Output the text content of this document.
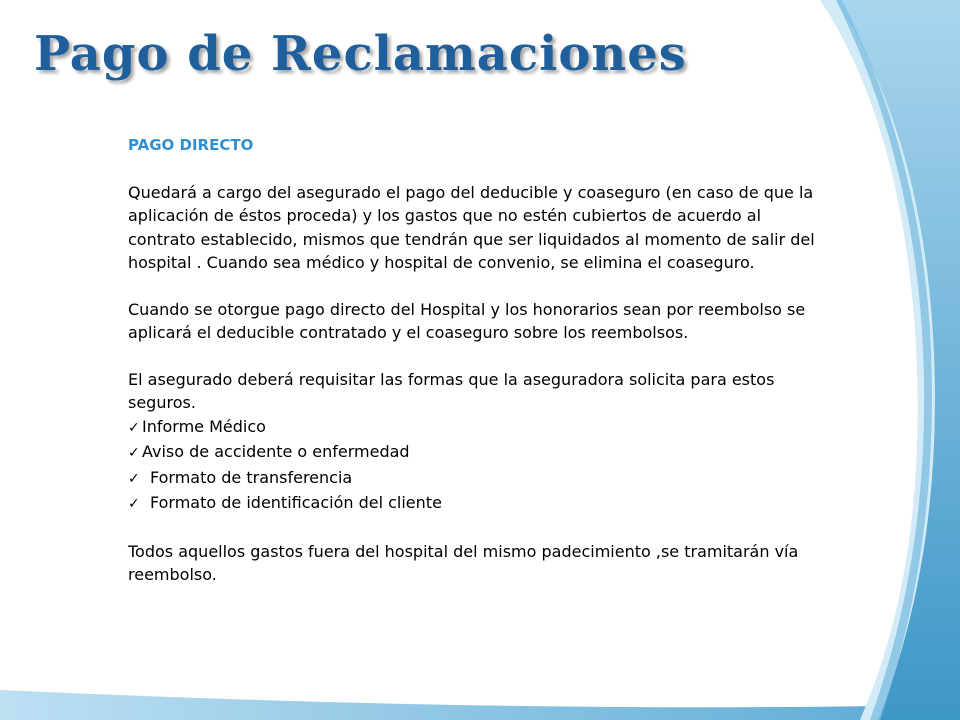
Pago de Reclamaciones
PAGO DIRECTO

Quedará a cargo del asegurado el pago del deducible y coaseguro (en caso de que la aplicación de éstos proceda) y los gastos que no estén cubiertos de acuerdo al contrato establecido, mismos que tendrán que ser liquidados al momento de salir del hospital . Cuando sea médico y hospital de convenio, se elimina el coaseguro.

Cuando se otorgue pago directo del Hospital y los honorarios sean por reembolso se aplicará el deducible contratado y el coaseguro sobre los reembolsos.

El asegurado deberá requisitar las formas que la aseguradora solicita para estos seguros.

✓ Informe Médico
✓ Aviso de accidente o enfermedad
✓ Formato de transferencia
✓ Formato de identificación del cliente

Todos aquellos gastos fuera del hospital del mismo padecimiento ,se tramitarán vía reembolso.
